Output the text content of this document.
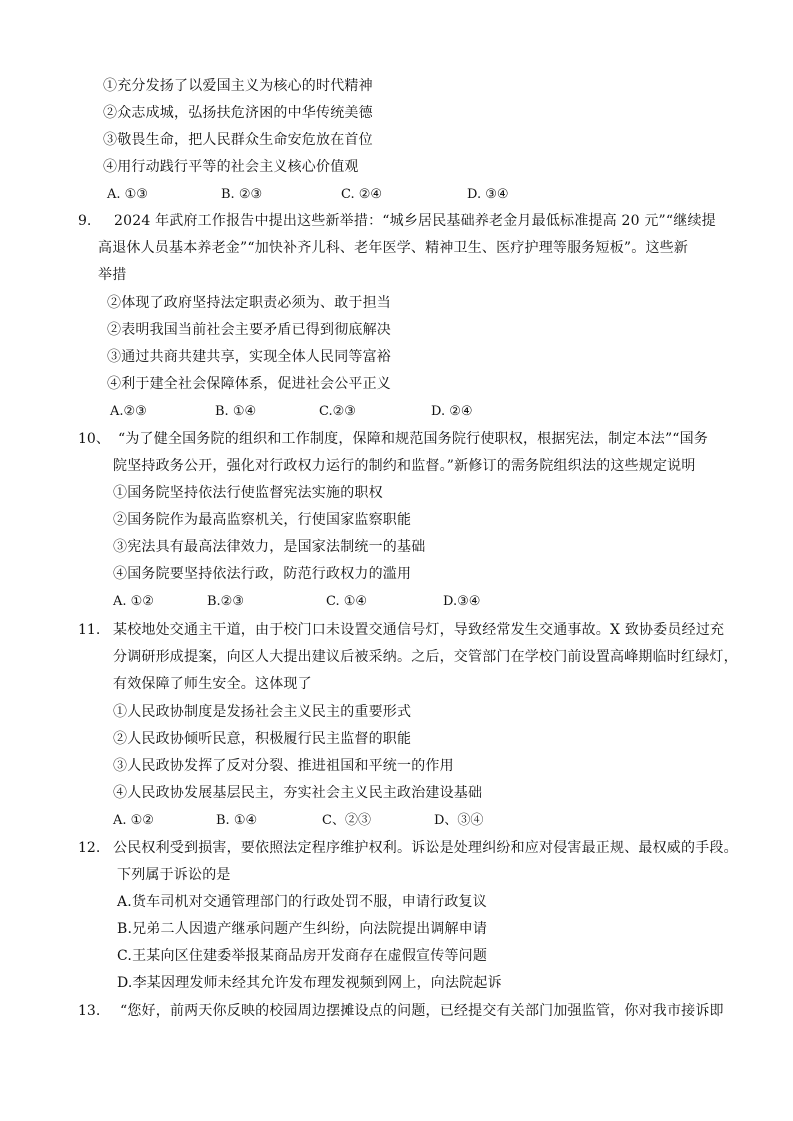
①充分发扬了以爱国主义为核心的时代精神
②众志成城，弘扬扶危济困的中华传统美德
③敬畏生命，把人民群众生命安危放在首位
④用行动践行平等的社会主义核心价值观
A. ①③	B. ②③	C. ②④	D. ③④
9. 2024 年武府工作报告中提出这些新举措：“城乡居民基础养老金月最低标准提高 20 元”“继续提
高退休人员基本养老金”“加快补齐儿科、老年医学、精神卫生、医疗护理等服务短板”。这些新
举措
②体现了政府坚持法定职责必须为、敢于担当
②表明我国当前社会主要矛盾已得到彻底解决
③通过共商共建共享，实现全体人民同等富裕
④利于建全社会保障体系，促进社会公平正义
A.②③	B. ①④	C.②③	D. ②④
10、 “为了健全国务院的组织和工作制度，保障和规范国务院行使职权，根据宪法，制定本法”“国务
院坚持政务公开，强化对行政权力运行的制约和监督。”新修订的需务院组织法的这些规定说明
①国务院坚持依法行使监督宪法实施的职权
②国务院作为最高监察机关，行使国家监察职能
③宪法具有最高法律效力，是国家法制统一的基础
④国务院要坚持依法行政，防范行政权力的滥用
A. ①②	B.②③	C. ①④	D.③④
11. 某校地处交通主干道，由于校门口未设置交通信号灯，导致经常发生交通事故。X 致协委员经过充
分调研形成提案，向区人大提出建议后被采纳。之后，交管部门在学校门前设置高峰期临时红绿灯，
有效保障了师生安全。这体现了
①人民政协制度是发扬社会主义民主的重要形式
②人民政协倾听民意，积极履行民主监督的职能
③人民政协发挥了反对分裂、推进祖国和平统一的作用
④人民政协发展基层民主，夯实社会主义民主政治建设基础
A. ①②	B. ①④	C、②③	D、③④
12. 公民权利受到损害，要依照法定程序维护权利。诉讼是处理纠纷和应对侵害最正规、最权威的手段。
下列属于诉讼的是
A.货车司机对交通管理部门的行政处罚不服，申请行政复议
B.兄弟二人因遗产继承问题产生纠纷，向法院提出调解申请
C.王某向区住建委举报某商品房开发商存在虚假宣传等问题
D.李某因理发师未经其允许发布理发视频到网上，向法院起诉
13. “您好，前两天你反映的校园周边摆摊设点的问题，已经提交有关部门加强监管，你对我市接诉即
